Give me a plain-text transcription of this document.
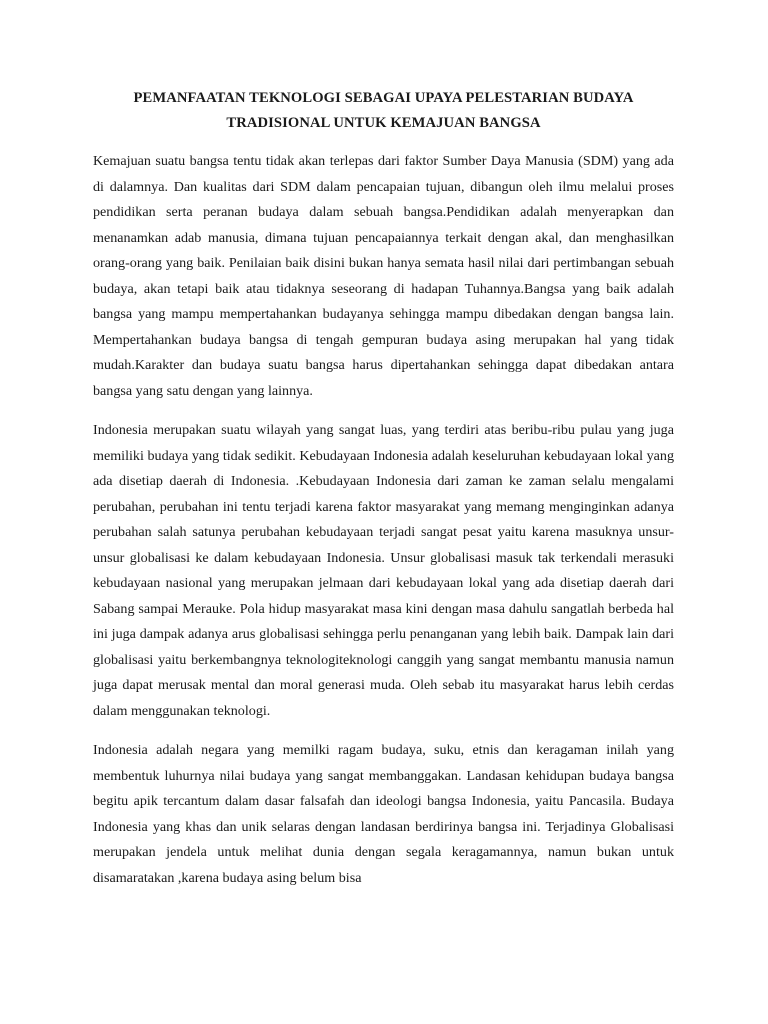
PEMANFAATAN TEKNOLOGI SEBAGAI UPAYA PELESTARIAN BUDAYA
TRADISIONAL UNTUK KEMAJUAN BANGSA

Kemajuan suatu bangsa tentu tidak akan terlepas dari faktor Sumber Daya Manusia (SDM) yang ada di dalamnya. Dan kualitas dari SDM dalam pencapaian tujuan, dibangun oleh ilmu melalui proses pendidikan serta peranan budaya dalam sebuah bangsa.Pendidikan adalah menyerapkan dan menanamkan adab manusia, dimana tujuan pencapaiannya terkait dengan akal, dan menghasilkan orang-orang yang baik. Penilaian baik disini bukan hanya semata hasil nilai dari pertimbangan sebuah budaya, akan tetapi baik atau tidaknya seseorang di hadapan Tuhannya.Bangsa yang baik adalah bangsa yang mampu mempertahankan budayanya sehingga mampu dibedakan dengan bangsa lain. Mempertahankan budaya bangsa di tengah gempuran budaya asing merupakan hal yang tidak mudah.Karakter dan budaya suatu bangsa harus dipertahankan sehingga dapat dibedakan antara bangsa yang satu dengan yang lainnya.

Indonesia merupakan suatu wilayah yang sangat luas, yang terdiri atas beribu-ribu pulau yang juga memiliki budaya yang tidak sedikit. Kebudayaan Indonesia adalah keseluruhan kebudayaan lokal yang ada disetiap daerah di Indonesia. .Kebudayaan Indonesia dari zaman ke zaman selalu mengalami perubahan, perubahan ini tentu terjadi karena faktor masyarakat yang memang menginginkan adanya perubahan salah satunya perubahan kebudayaan terjadi sangat pesat yaitu karena masuknya unsur-unsur globalisasi ke dalam kebudayaan Indonesia. Unsur globalisasi masuk tak terkendali merasuki kebudayaan nasional yang merupakan jelmaan dari kebudayaan lokal yang ada disetiap daerah dari Sabang sampai Merauke. Pola hidup masyarakat masa kini dengan masa dahulu sangatlah berbeda hal ini juga dampak adanya arus globalisasi sehingga perlu penanganan yang lebih baik. Dampak lain dari globalisasi yaitu berkembangnya teknologiteknologi canggih yang sangat membantu manusia namun juga dapat merusak mental dan moral generasi muda. Oleh sebab itu masyarakat harus lebih cerdas dalam menggunakan teknologi.

Indonesia adalah negara yang memilki ragam budaya, suku, etnis dan keragaman inilah yang membentuk luhurnya nilai budaya yang sangat membanggakan. Landasan kehidupan budaya bangsa begitu apik tercantum dalam dasar falsafah dan ideologi bangsa Indonesia, yaitu Pancasila. Budaya Indonesia yang khas dan unik selaras dengan landasan berdirinya bangsa ini. Terjadinya Globalisasi merupakan jendela untuk melihat dunia dengan segala keragamannya, namun bukan untuk disamaratakan ,karena budaya asing belum bisa
